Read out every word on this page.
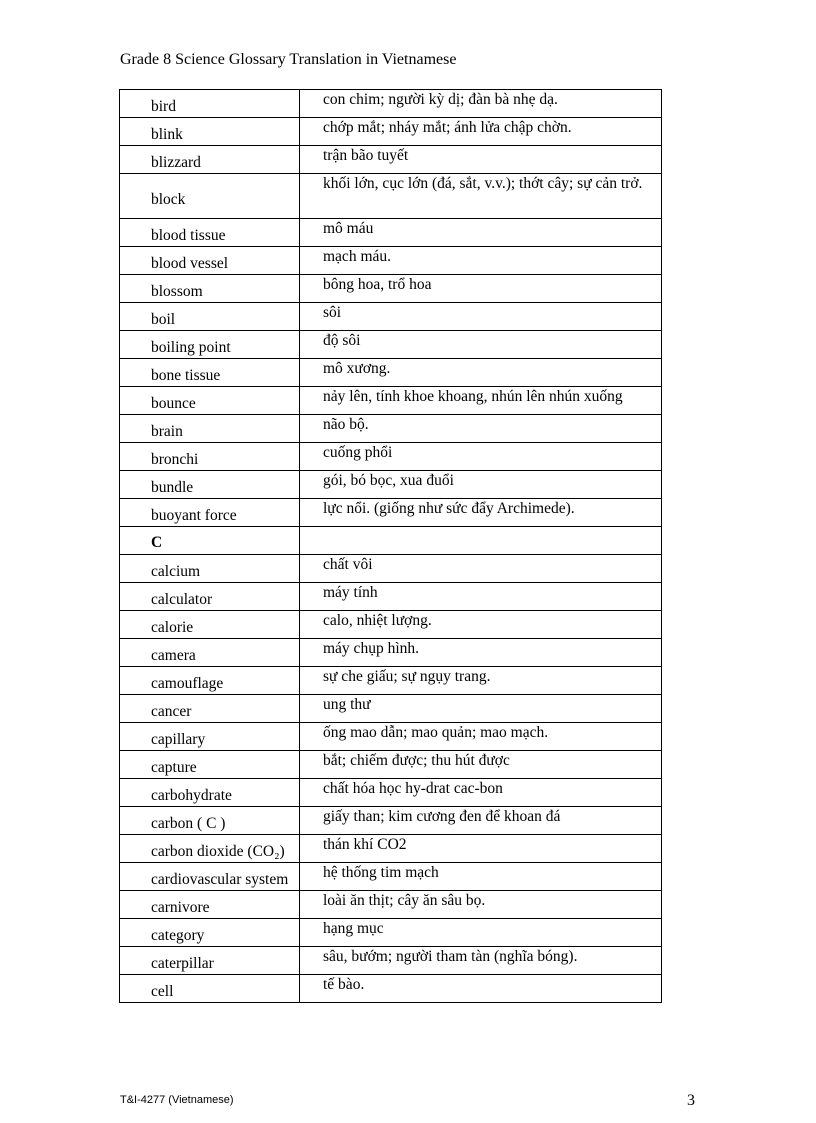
Grade 8 Science Glossary Translation in Vietnamese
bird	con chim; người kỳ dị; đàn bà nhẹ dạ.
blink	chớp mắt; nháy mắt; ánh lửa chập chờn.
blizzard	trận bão tuyết
block	khối lớn, cục lớn (đá, sắt, v.v.); thớt cây; sự cản trở.
blood tissue	mô máu
blood vessel	mạch máu.
blossom	bông hoa, trổ hoa
boil	sôi
boiling point	độ sôi
bone tissue	mô xương.
bounce	nảy lên, tính khoe khoang, nhún lên nhún xuống
brain	não bộ.
bronchi	cuống phổi
bundle	gói, bó bọc, xua đuổi
buoyant force	lực nổi. (giống như sức đẩy Archimede).
C	
calcium	chất vôi
calculator	máy tính
calorie	calo, nhiệt lượng.
camera	máy chụp hình.
camouflage	sự che giấu; sự ngụy trang.
cancer	ung thư
capillary	ống mao dẫn; mao quản; mao mạch.
capture	bắt; chiếm được; thu hút được
carbohydrate	chất hóa học hy-drat cac-bon
carbon ( C )	giấy than; kim cương đen để khoan đá
carbon dioxide (CO₂)	thán khí CO2
cardiovascular system	hệ thống tim mạch
carnivore	loài ăn thịt; cây ăn sâu bọ.
category	hạng mục
caterpillar	sâu, bướm; người tham tàn (nghĩa bóng).
cell	tế bào.
T&I-4277 (Vietnamese)	3
